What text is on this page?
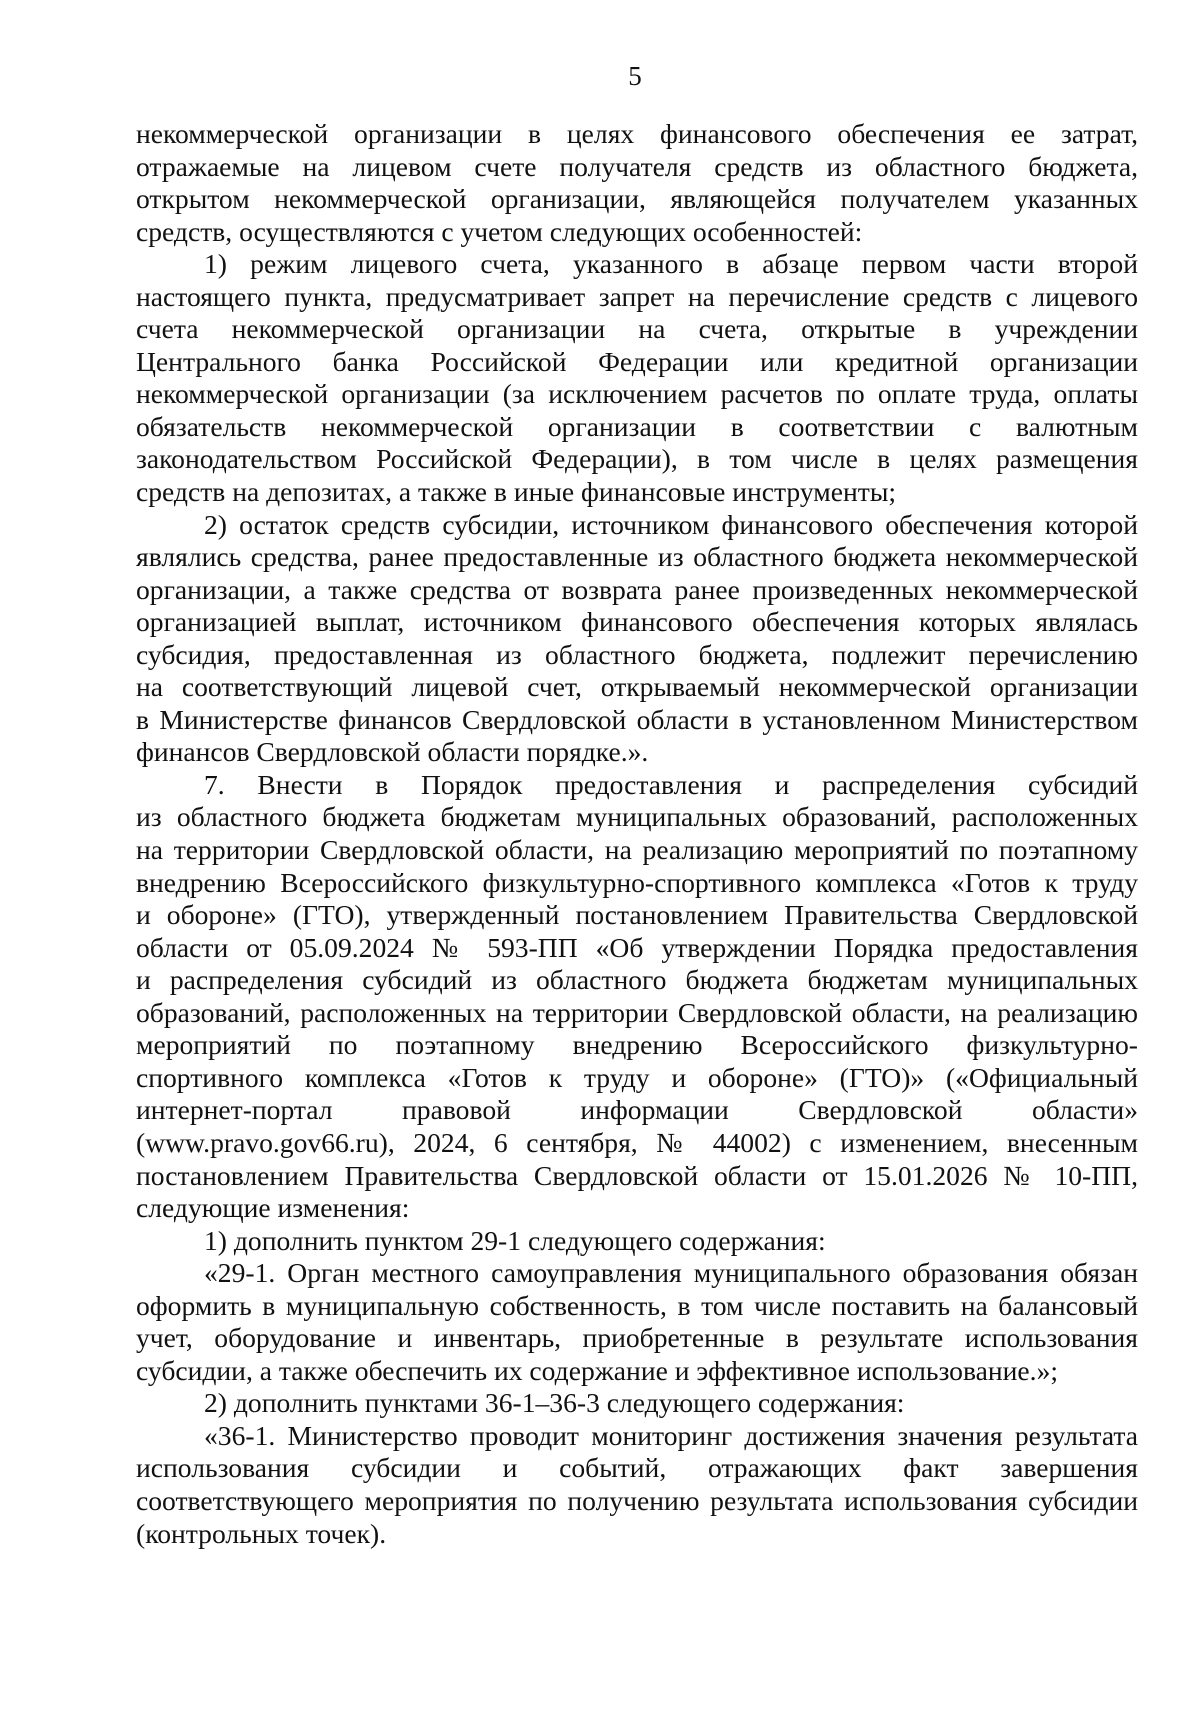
5
некоммерческой организации в целях финансового обеспечения ее затрат,
отражаемые на лицевом счете получателя средств из областного бюджета,
открытом некоммерческой организации, являющейся получателем указанных
средств, осуществляются с учетом следующих особенностей:
1) режим лицевого счета, указанного в абзаце первом части второй
настоящего пункта, предусматривает запрет на перечисление средств с лицевого
счета некоммерческой организации на счета, открытые в учреждении
Центрального банка Российской Федерации или кредитной организации
некоммерческой организации (за исключением расчетов по оплате труда, оплаты
обязательств некоммерческой организации в соответствии с валютным
законодательством Российской Федерации), в том числе в целях размещения
средств на депозитах, а также в иные финансовые инструменты;
2) остаток средств субсидии, источником финансового обеспечения которой
являлись средства, ранее предоставленные из областного бюджета некоммерческой
организации, а также средства от возврата ранее произведенных некоммерческой
организацией выплат, источником финансового обеспечения которых являлась
субсидия, предоставленная из областного бюджета, подлежит перечислению
на соответствующий лицевой счет, открываемый некоммерческой организации
в Министерстве финансов Свердловской области в установленном Министерством
финансов Свердловской области порядке.».
7. Внести в Порядок предоставления и распределения субсидий
из областного бюджета бюджетам муниципальных образований, расположенных
на территории Свердловской области, на реализацию мероприятий по поэтапному
внедрению Всероссийского физкультурно-спортивного комплекса «Готов к труду
и обороне» (ГТО), утвержденный постановлением Правительства Свердловской
области от 05.09.2024 № 593-ПП «Об утверждении Порядка предоставления
и распределения субсидий из областного бюджета бюджетам муниципальных
образований, расположенных на территории Свердловской области, на реализацию
мероприятий по поэтапному внедрению Всероссийского физкультурно-
спортивного комплекса «Готов к труду и обороне» (ГТО)» («Официальный
интернет-портал правовой информации Свердловской области»
(www.pravo.gov66.ru), 2024, 6 сентября, № 44002) с изменением, внесенным
постановлением Правительства Свердловской области от 15.01.2026 № 10-ПП,
следующие изменения:
1) дополнить пунктом 29-1 следующего содержания:
«29-1. Орган местного самоуправления муниципального образования обязан
оформить в муниципальную собственность, в том числе поставить на балансовый
учет, оборудование и инвентарь, приобретенные в результате использования
субсидии, а также обеспечить их содержание и эффективное использование.»;
2) дополнить пунктами 36-1–36-3 следующего содержания:
«36-1. Министерство проводит мониторинг достижения значения результата
использования субсидии и событий, отражающих факт завершения
соответствующего мероприятия по получению результата использования субсидии
(контрольных точек).
